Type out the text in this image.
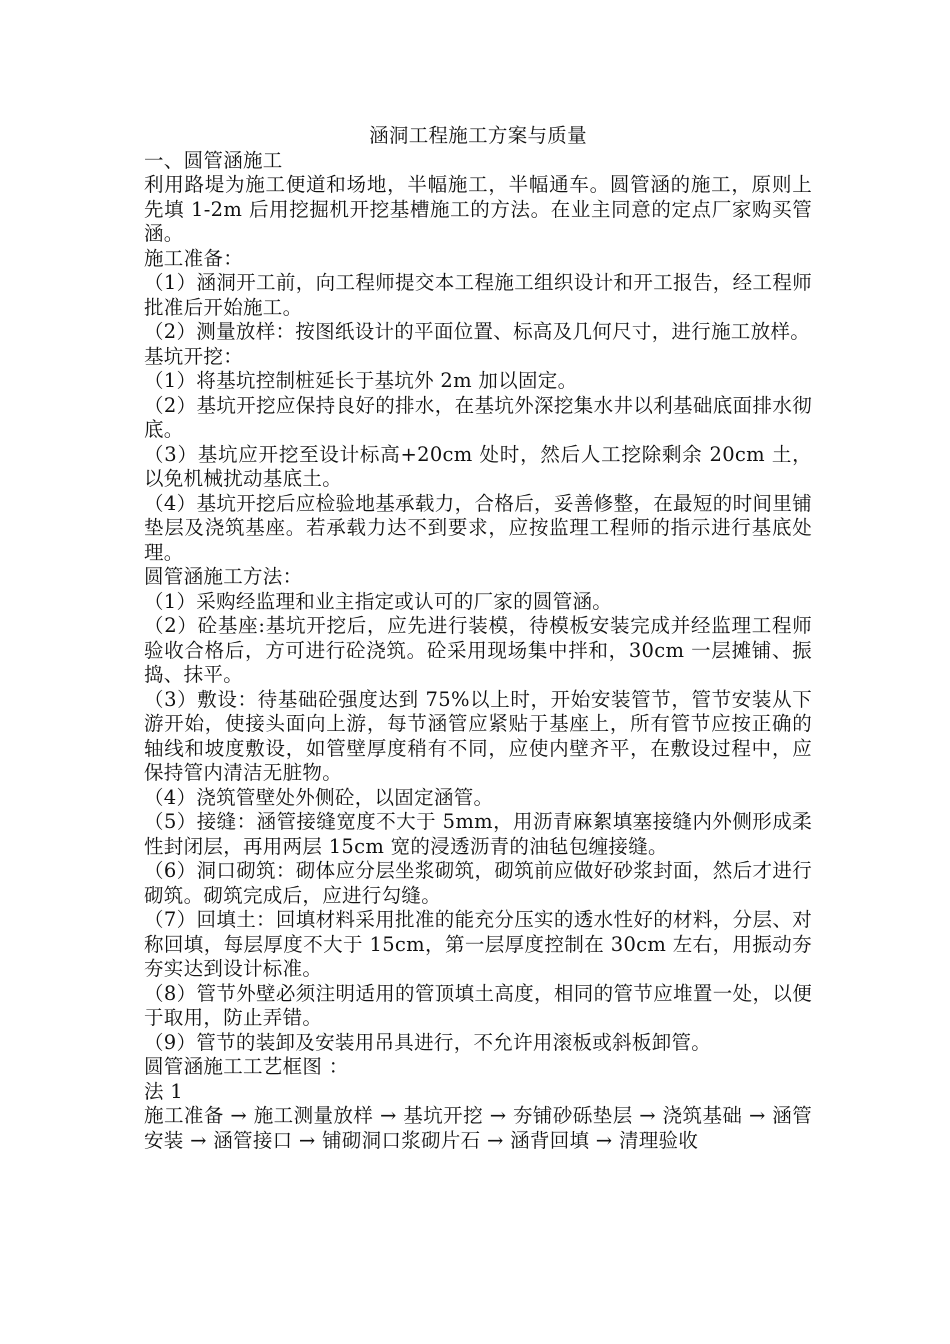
涵洞工程施工方案与质量
一、圆管涵施工
利用路堤为施工便道和场地，半幅施工，半幅通车。圆管涵的施工，原则上先填 1-2m 后用挖掘机开挖基槽施工的方法。在业主同意的定点厂家购买管涵。
施工准备：
（1）涵洞开工前，向工程师提交本工程施工组织设计和开工报告，经工程师批准后开始施工。
（2）测量放样：按图纸设计的平面位置、标高及几何尺寸，进行施工放样。
基坑开挖：
（1）将基坑控制桩延长于基坑外 2m 加以固定。
（2）基坑开挖应保持良好的排水，在基坑外深挖集水井以利基础底面排水彻底。
（3）基坑应开挖至设计标高+20cm 处时，然后人工挖除剩余 20cm 土，以免机械扰动基底土。
（4）基坑开挖后应检验地基承载力，合格后，妥善修整，在最短的时间里铺垫层及浇筑基座。若承载力达不到要求，应按监理工程师的指示进行基底处理。
圆管涵施工方法：
（1）采购经监理和业主指定或认可的厂家的圆管涵。
（2）砼基座:基坑开挖后，应先进行装模，待模板安装完成并经监理工程师验收合格后，方可进行砼浇筑。砼采用现场集中拌和，30cm 一层摊铺、振捣、抹平。
（3）敷设：待基础砼强度达到 75%以上时，开始安装管节，管节安装从下游开始，使接头面向上游，每节涵管应紧贴于基座上，所有管节应按正确的轴线和坡度敷设，如管壁厚度稍有不同，应使内壁齐平，在敷设过程中，应保持管内清洁无脏物。
（4）浇筑管壁处外侧砼，以固定涵管。
（5）接缝：涵管接缝宽度不大于 5mm，用沥青麻絮填塞接缝内外侧形成柔性封闭层，再用两层 15cm 宽的浸透沥青的油毡包缠接缝。
（6）洞口砌筑：砌体应分层坐浆砌筑，砌筑前应做好砂浆封面，然后才进行砌筑。砌筑完成后，应进行勾缝。
（7）回填土：回填材料采用批准的能充分压实的透水性好的材料，分层、对称回填，每层厚度不大于 15cm，第一层厚度控制在 30cm 左右，用振动夯夯实达到设计标准。
（8）管节外壁必须注明适用的管顶填土高度，相同的管节应堆置一处，以便于取用，防止弄错。
（9）管节的装卸及安装用吊具进行，不允许用滚板或斜板卸管。
圆管涵施工工艺框图 ：
法 1
施工准备 → 施工测量放样 → 基坑开挖 → 夯铺砂砾垫层 → 浇筑基础 → 涵管安装 → 涵管接口 → 铺砌洞口浆砌片石 → 涵背回填 → 清理验收
